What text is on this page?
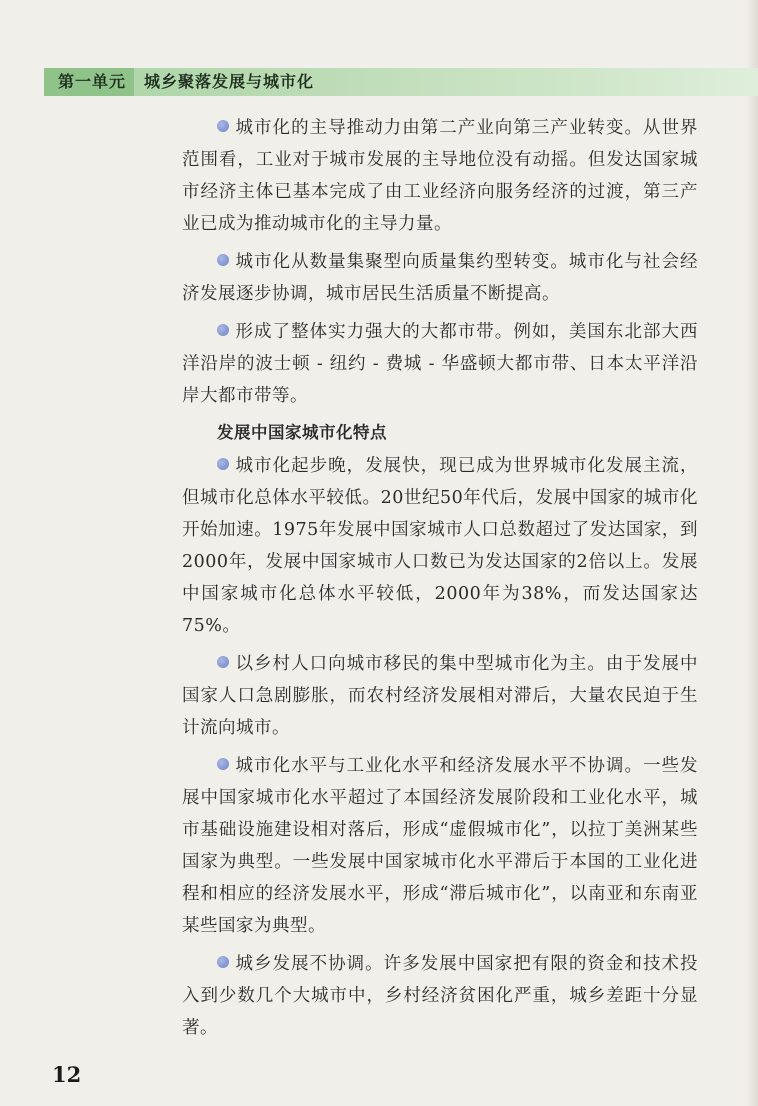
第一单元	城乡聚落发展与城市化

城市化的主导推动力由第二产业向第三产业转变。从世界范围看，工业对于城市发展的主导地位没有动摇。但发达国家城市经济主体已基本完成了由工业经济向服务经济的过渡，第三产业已成为推动城市化的主导力量。

城市化从数量集聚型向质量集约型转变。城市化与社会经济发展逐步协调，城市居民生活质量不断提高。

形成了整体实力强大的大都市带。例如，美国东北部大西洋沿岸的波士顿 - 纽约 - 费城 - 华盛顿大都市带、日本太平洋沿岸大都市带等。

发展中国家城市化特点

城市化起步晚，发展快，现已成为世界城市化发展主流，但城市化总体水平较低。20世纪50年代后，发展中国家的城市化开始加速。1975年发展中国家城市人口总数超过了发达国家，到2000年，发展中国家城市人口数已为发达国家的2倍以上。发展中国家城市化总体水平较低，2000年为38%，而发达国家达75%。

以乡村人口向城市移民的集中型城市化为主。由于发展中国家人口急剧膨胀，而农村经济发展相对滞后，大量农民迫于生计流向城市。

城市化水平与工业化水平和经济发展水平不协调。一些发展中国家城市化水平超过了本国经济发展阶段和工业化水平，城市基础设施建设相对落后，形成“虚假城市化”，以拉丁美洲某些国家为典型。一些发展中国家城市化水平滞后于本国的工业化进程和相应的经济发展水平，形成“滞后城市化”，以南亚和东南亚某些国家为典型。

城乡发展不协调。许多发展中国家把有限的资金和技术投入到少数几个大城市中，乡村经济贫困化严重，城乡差距十分显著。

12
